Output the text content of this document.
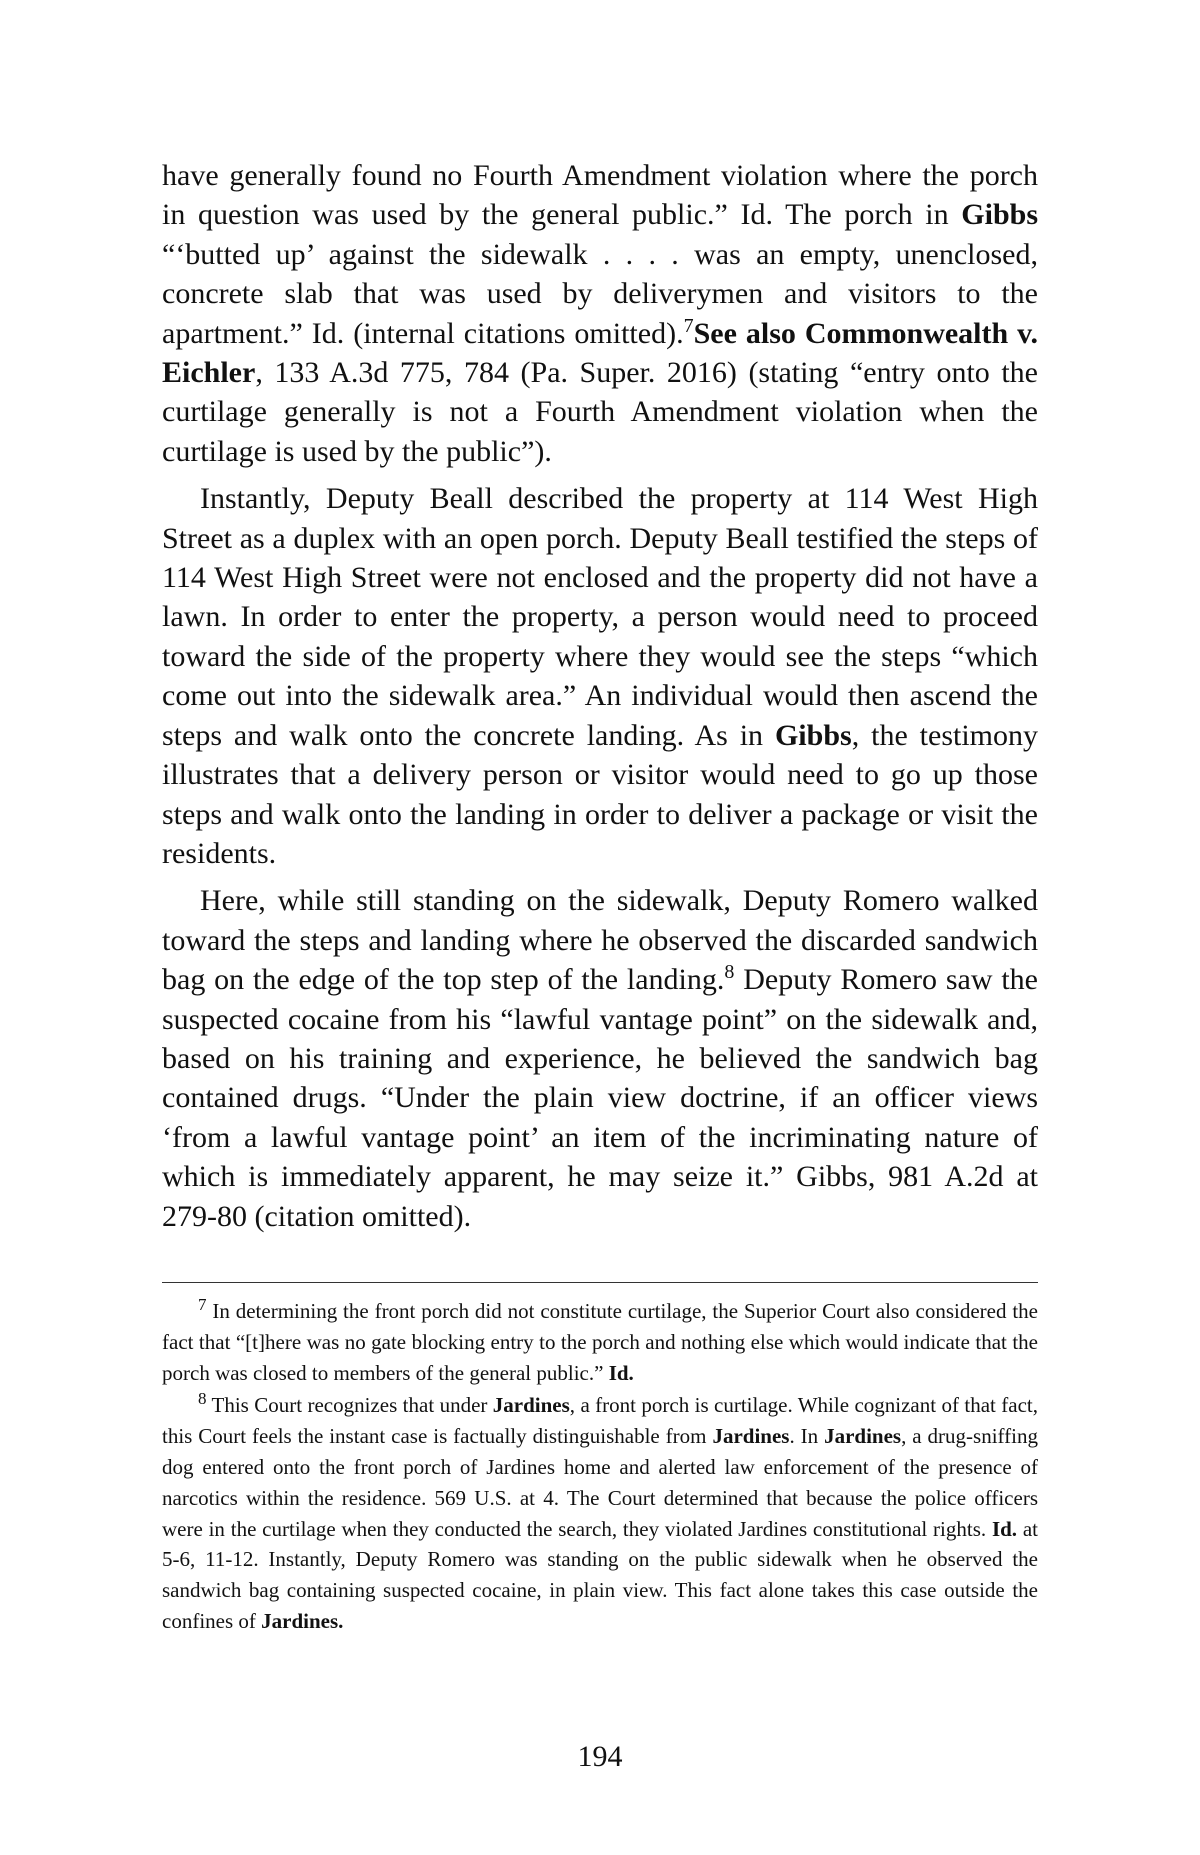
have generally found no Fourth Amendment violation where the porch in question was used by the general public.” Id. The porch in Gibbs “‘butted up’ against the sidewalk . . . . was an empty, unenclosed, concrete slab that was used by deliverymen and visitors to the apartment.” Id. (internal citations omitted).$^7$See also Commonwealth v. Eichler, 133 A.3d 775, 784 (Pa. Super. 2016) (stating “entry onto the curtilage generally is not a Fourth Amendment violation when the curtilage is used by the public”).

Instantly, Deputy Beall described the property at 114 West High Street as a duplex with an open porch. Deputy Beall testified the steps of 114 West High Street were not enclosed and the property did not have a lawn. In order to enter the property, a person would need to proceed toward the side of the property where they would see the steps “which come out into the sidewalk area.” An individual would then ascend the steps and walk onto the concrete landing. As in Gibbs, the testimony illustrates that a delivery person or visitor would need to go up those steps and walk onto the landing in order to deliver a package or visit the residents.

Here, while still standing on the sidewalk, Deputy Romero walked toward the steps and landing where he observed the discarded sandwich bag on the edge of the top step of the landing.$^8$ Deputy Romero saw the suspected cocaine from his “lawful vantage point” on the sidewalk and, based on his training and experience, he believed the sandwich bag contained drugs. “Under the plain view doctrine, if an officer views ‘from a lawful vantage point’ an item of the incriminating nature of which is immediately apparent, he may seize it.” Gibbs, 981 A.2d at 279-80 (citation omitted).

$^7$ In determining the front porch did not constitute curtilage, the Superior Court also considered the fact that “[t]here was no gate blocking entry to the porch and nothing else which would indicate that the porch was closed to members of the general public.” Id.

$^8$ This Court recognizes that under Jardines, a front porch is curtilage. While cognizant of that fact, this Court feels the instant case is factually distinguishable from Jardines. In Jardines, a drug-sniffing dog entered onto the front porch of Jardines home and alerted law enforcement of the presence of narcotics within the residence. 569 U.S. at 4. The Court determined that because the police officers were in the curtilage when they conducted the search, they violated Jardines constitutional rights. Id. at 5-6, 11-12. Instantly, Deputy Romero was standing on the public sidewalk when he observed the sandwich bag containing suspected cocaine, in plain view. This fact alone takes this case outside the confines of Jardines.

194
